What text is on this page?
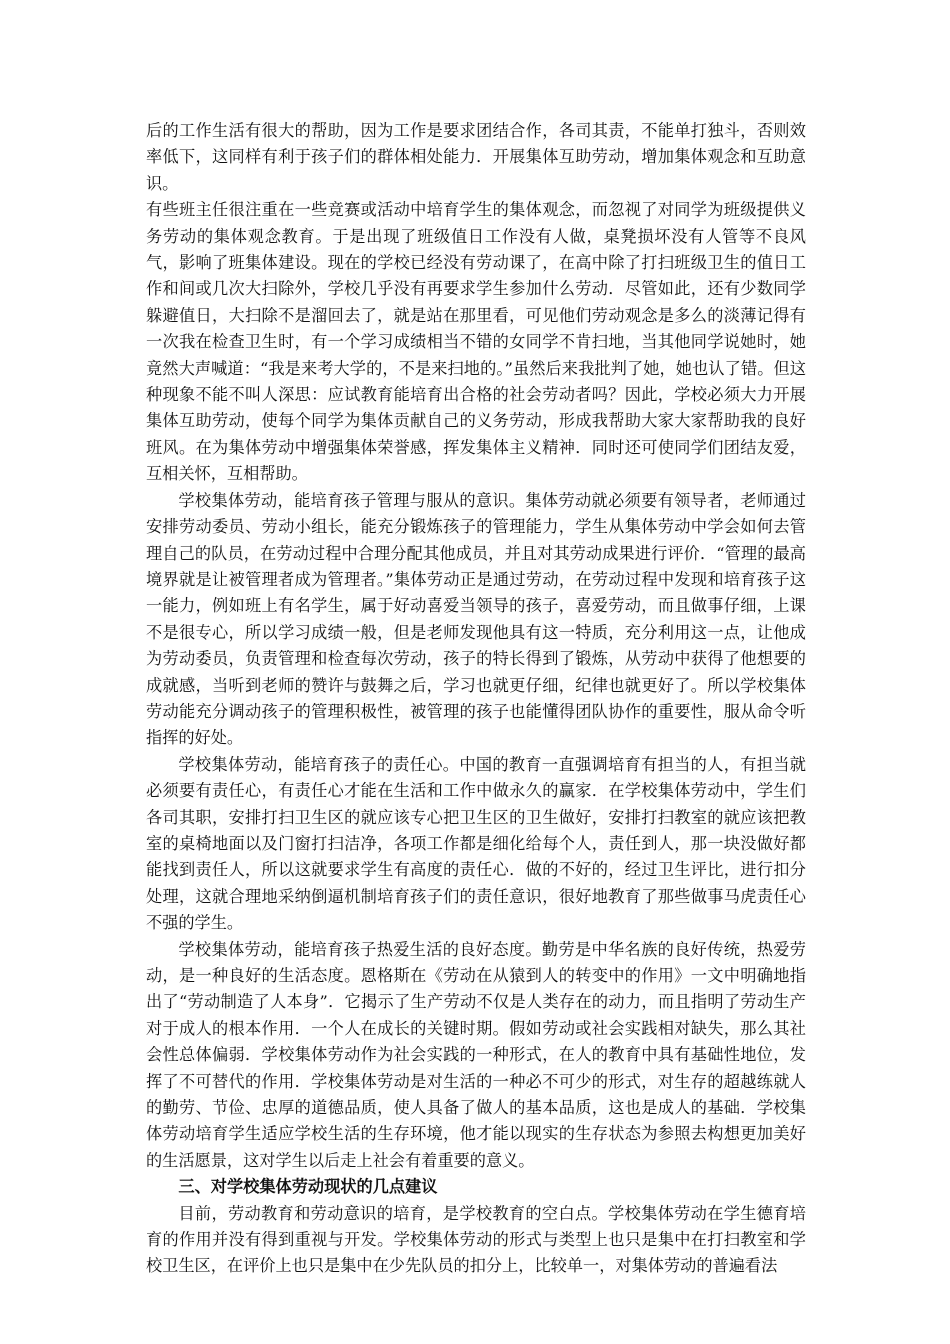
后的工作生活有很大的帮助，因为工作是要求团结合作，各司其责，不能单打独斗，否则效率低下，这同样有利于孩子们的群体相处能力．开展集体互助劳动，增加集体观念和互助意识。

有些班主任很注重在一些竞赛或活动中培育学生的集体观念，而忽视了对同学为班级提供义务劳动的集体观念教育。于是出现了班级值日工作没有人做，桌凳损坏没有人管等不良风气，影响了班集体建设。现在的学校已经没有劳动课了，在高中除了打扫班级卫生的值日工作和间或几次大扫除外，学校几乎没有再要求学生参加什么劳动．尽管如此，还有少数同学躲避值日，大扫除不是溜回去了，就是站在那里看，可见他们劳动观念是多么的淡薄记得有一次我在检查卫生时，有一个学习成绩相当不错的女同学不肯扫地，当其他同学说她时，她竟然大声喊道：“我是来考大学的，不是来扫地的。”虽然后来我批判了她，她也认了错。但这种现象不能不叫人深思：应试教育能培育出合格的社会劳动者吗？因此，学校必须大力开展集体互助劳动，使每个同学为集体贡献自己的义务劳动，形成我帮助大家大家帮助我的良好班风。在为集体劳动中增强集体荣誉感，挥发集体主义精神．同时还可使同学们团结友爱，互相关怀，互相帮助。

学校集体劳动，能培育孩子管理与服从的意识。集体劳动就必须要有领导者，老师通过安排劳动委员、劳动小组长，能充分锻炼孩子的管理能力，学生从集体劳动中学会如何去管理自己的队员，在劳动过程中合理分配其他成员，并且对其劳动成果进行评价．“管理的最高境界就是让被管理者成为管理者。”集体劳动正是通过劳动，在劳动过程中发现和培育孩子这一能力，例如班上有名学生，属于好动喜爱当领导的孩子，喜爱劳动，而且做事仔细，上课不是很专心，所以学习成绩一般，但是老师发现他具有这一特质，充分利用这一点，让他成为劳动委员，负责管理和检查每次劳动，孩子的特长得到了锻炼，从劳动中获得了他想要的成就感，当听到老师的赞许与鼓舞之后，学习也就更仔细，纪律也就更好了。所以学校集体劳动能充分调动孩子的管理积极性，被管理的孩子也能懂得团队协作的重要性，服从命令听指挥的好处。

学校集体劳动，能培育孩子的责任心。中国的教育一直强调培育有担当的人，有担当就必须要有责任心，有责任心才能在生活和工作中做永久的赢家．在学校集体劳动中，学生们各司其职，安排打扫卫生区的就应该专心把卫生区的卫生做好，安排打扫教室的就应该把教室的桌椅地面以及门窗打扫洁净，各项工作都是细化给每个人，责任到人，那一块没做好都能找到责任人，所以这就要求学生有高度的责任心．做的不好的，经过卫生评比，进行扣分处理，这就合理地采纳倒逼机制培育孩子们的责任意识，很好地教育了那些做事马虎责任心不强的学生。

学校集体劳动，能培育孩子热爱生活的良好态度。勤劳是中华名族的良好传统，热爱劳动，是一种良好的生活态度。恩格斯在《劳动在从猿到人的转变中的作用》一文中明确地指出了“劳动制造了人本身”．它揭示了生产劳动不仅是人类存在的动力，而且指明了劳动生产对于成人的根本作用．一个人在成长的关键时期。假如劳动或社会实践相对缺失，那么其社会性总体偏弱．学校集体劳动作为社会实践的一种形式，在人的教育中具有基础性地位，发挥了不可替代的作用．学校集体劳动是对生活的一种必不可少的形式，对生存的超越练就人的勤劳、节俭、忠厚的道德品质，使人具备了做人的基本品质，这也是成人的基础．学校集体劳动培育学生适应学校生活的生存环境，他才能以现实的生存状态为参照去构想更加美好的生活愿景，这对学生以后走上社会有着重要的意义。

三、对学校集体劳动现状的几点建议

目前，劳动教育和劳动意识的培育，是学校教育的空白点。学校集体劳动在学生德育培育的作用并没有得到重视与开发。学校集体劳动的形式与类型上也只是集中在打扫教室和学校卫生区，在评价上也只是集中在少先队员的扣分上，比较单一，对集体劳动的普遍看法
